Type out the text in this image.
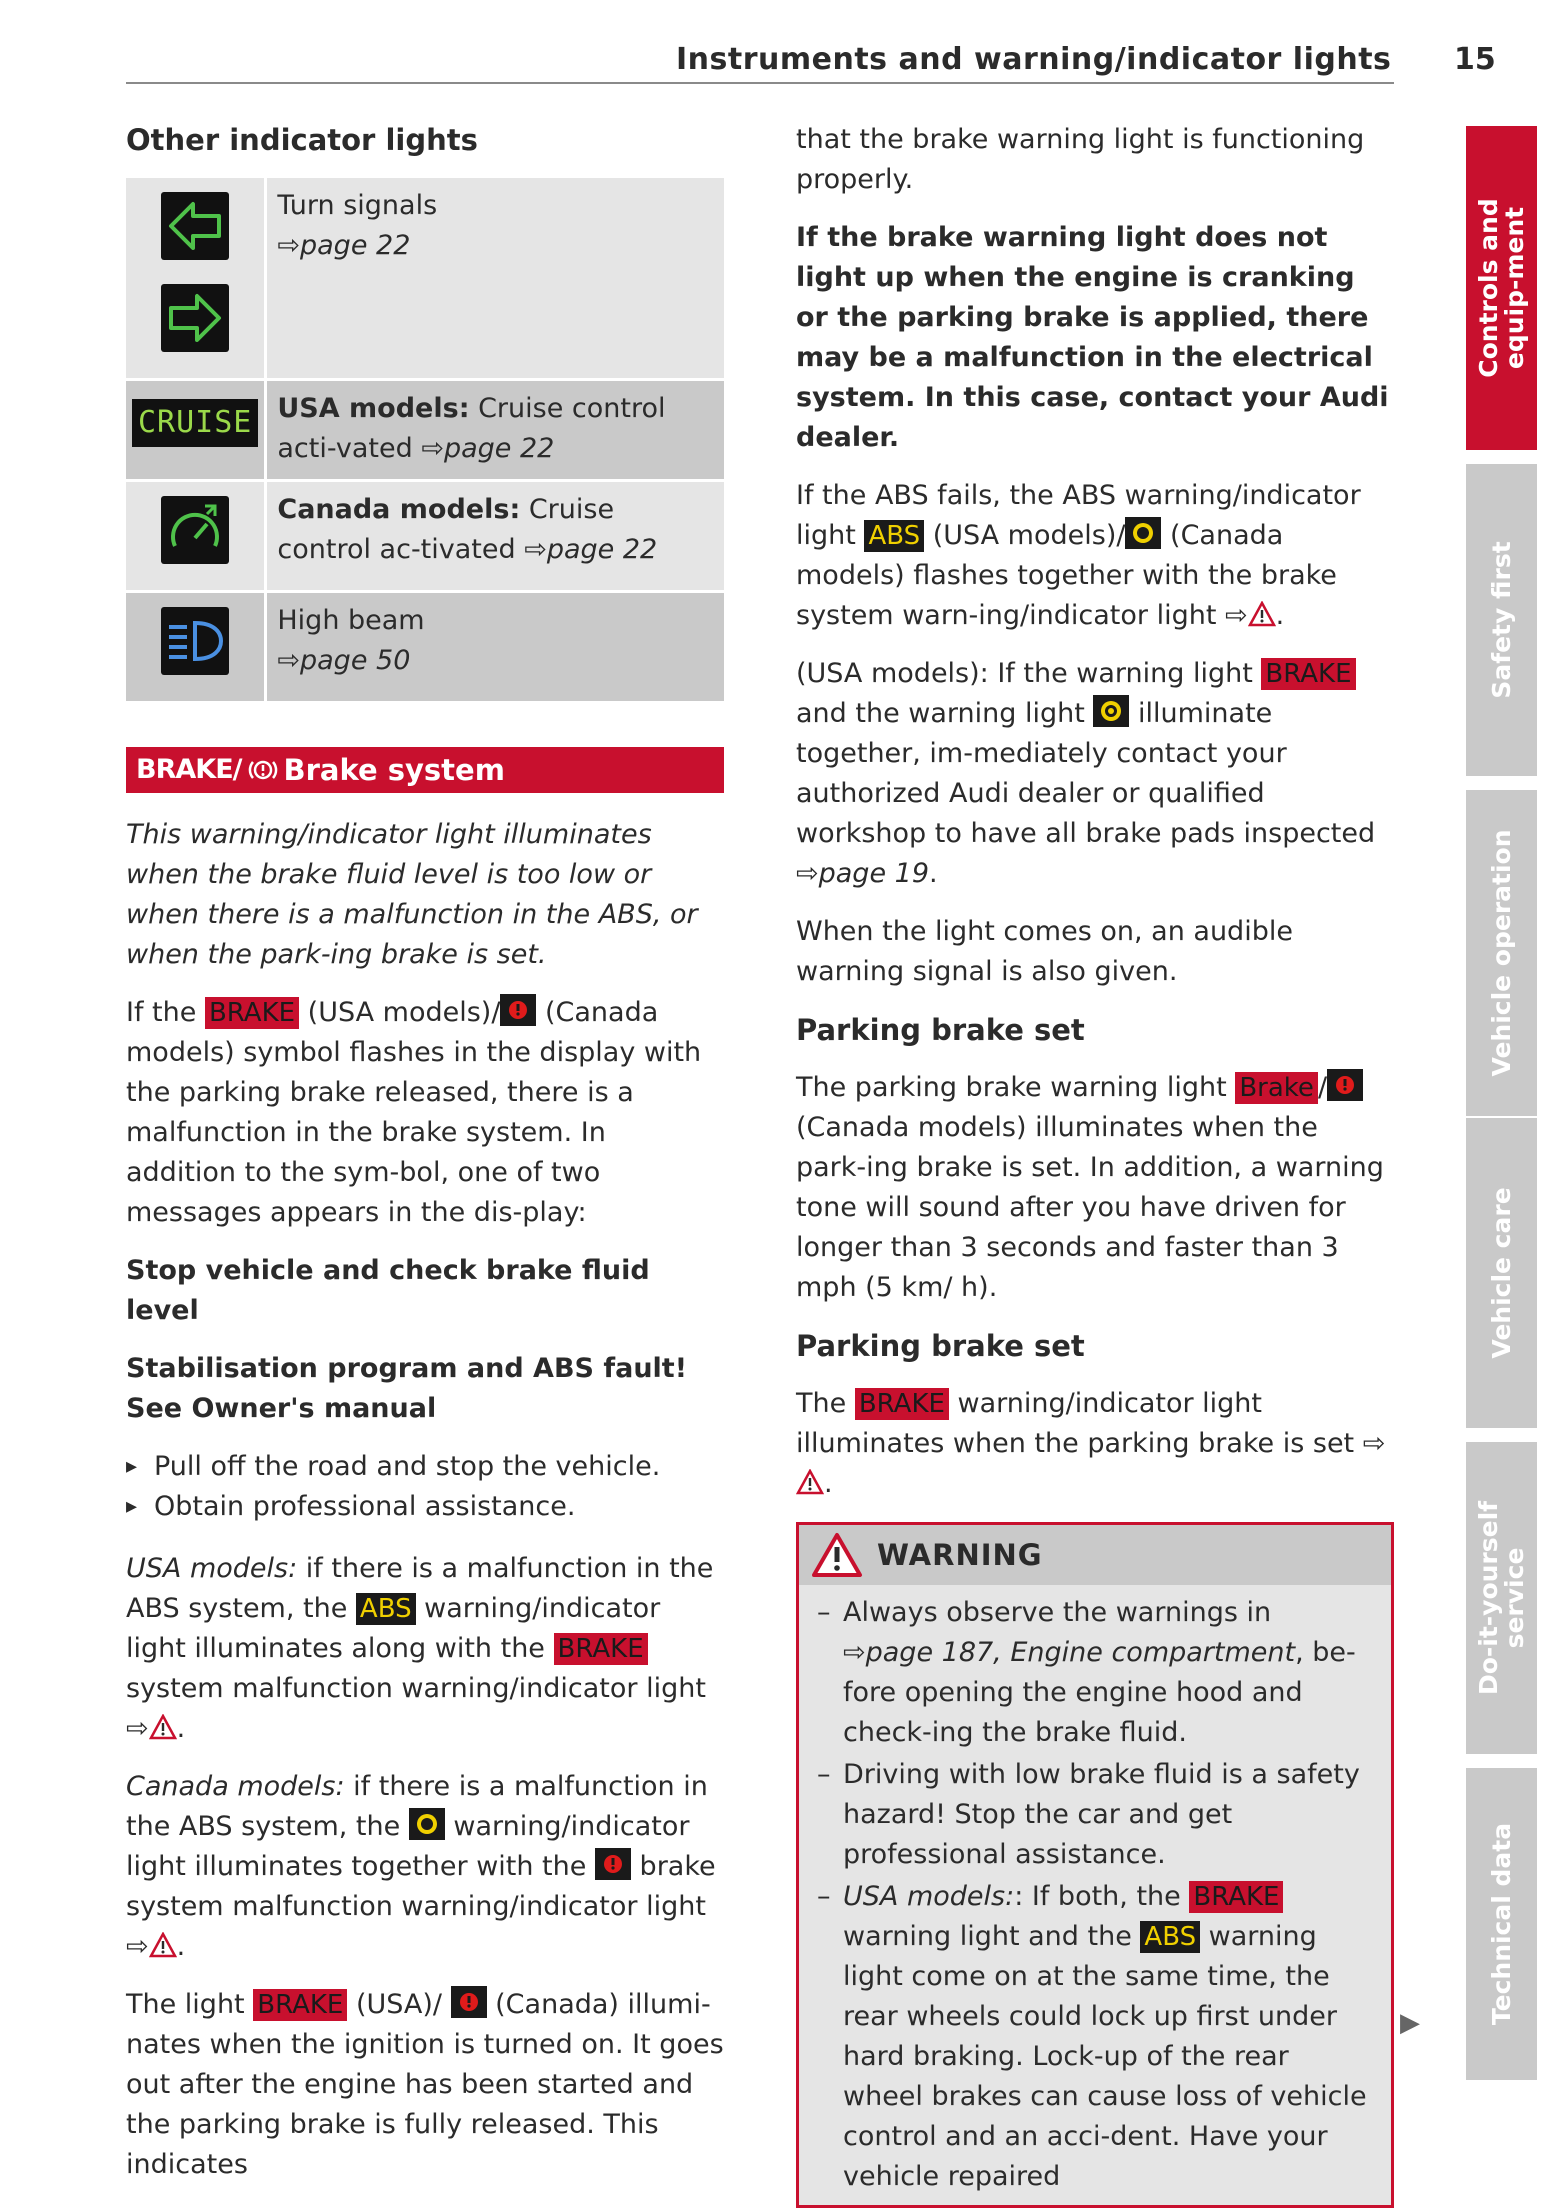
Instruments and warning/indicator lights 15
Other indicator lights

	Turn signals
⇨page 22
CRUISE	USA models: Cruise control acti-vated ⇨page 22

	Canada models: Cruise control ac-tivated ⇨page 22

	High beam
⇨page 50
BRAKE/ Brake system

This warning/indicator light illuminates when the brake fluid level is too low or when there is a malfunction in the ABS, or when the park-ing brake is set.

If the BRAKE (USA models)/
(Canada models) symbol flashes in the display with the parking brake released, there is a malfunction in the brake system. In addition to the sym-bol, one of two messages appears in the dis-play:

Stop vehicle and check brake fluid level
Stabilisation program and ABS fault! See Owner's manual

▸ Pull off the road and stop the vehicle.

▸ Obtain professional assistance.

USA models: if there is a malfunction in the ABS system, the ABS warning/indicator light illuminates along with the BRAKE system malfunction warning/indicator light ⇨ .

Canada models: if there is a malfunction in the ABS system, the
warning/indicator light illuminates together with the
brake system malfunction warning/indicator light ⇨ .

The light BRAKE (USA)/
(Canada) illumi-nates when the ignition is turned on. It goes out after the engine has been started and the parking brake is fully released. This indicates

that the brake warning light is functioning properly.

If the brake warning light does not light up when the engine is cranking or the parking brake is applied, there may be a malfunction in the electrical system. In this case, contact your Audi dealer.

If the ABS fails, the ABS warning/indicator light ABS (USA models)/
(Canada models) flashes together with the brake system warn-ing/indicator light ⇨ .

(USA models): If the warning light BRAKE and the warning light
illuminate together, im-mediately contact your authorized Audi dealer or qualified workshop to have all brake pads inspected ⇨page 19.

When the light comes on, an audible warning signal is also given.

Parking brake set

The parking brake warning light Brake /
(Canada models) illuminates when the park-ing brake is set. In addition, a warning tone will sound after you have driven for longer than 3 seconds and faster than 3 mph (5 km/ h).

Parking brake set

The BRAKE warning/indicator light illuminates when the parking brake is set ⇨.

WARNING

– Always observe the warnings in ⇨page 187, Engine compartment, be-fore opening the engine hood and check-ing the brake fluid.

– Driving with low brake fluid is a safety hazard! Stop the car and get professional assistance.

– USA models:: If both, the BRAKE warning light and the ABS warning light come on at the same time, the rear wheels could lock up first under hard braking. Lock-up of the rear wheel brakes can cause loss of vehicle control and an acci-dent. Have your vehicle repaired

▶
Controls and equip-ment
Safety first
Vehicle operation
Vehicle care
Do-it-yourself service
Technical data
